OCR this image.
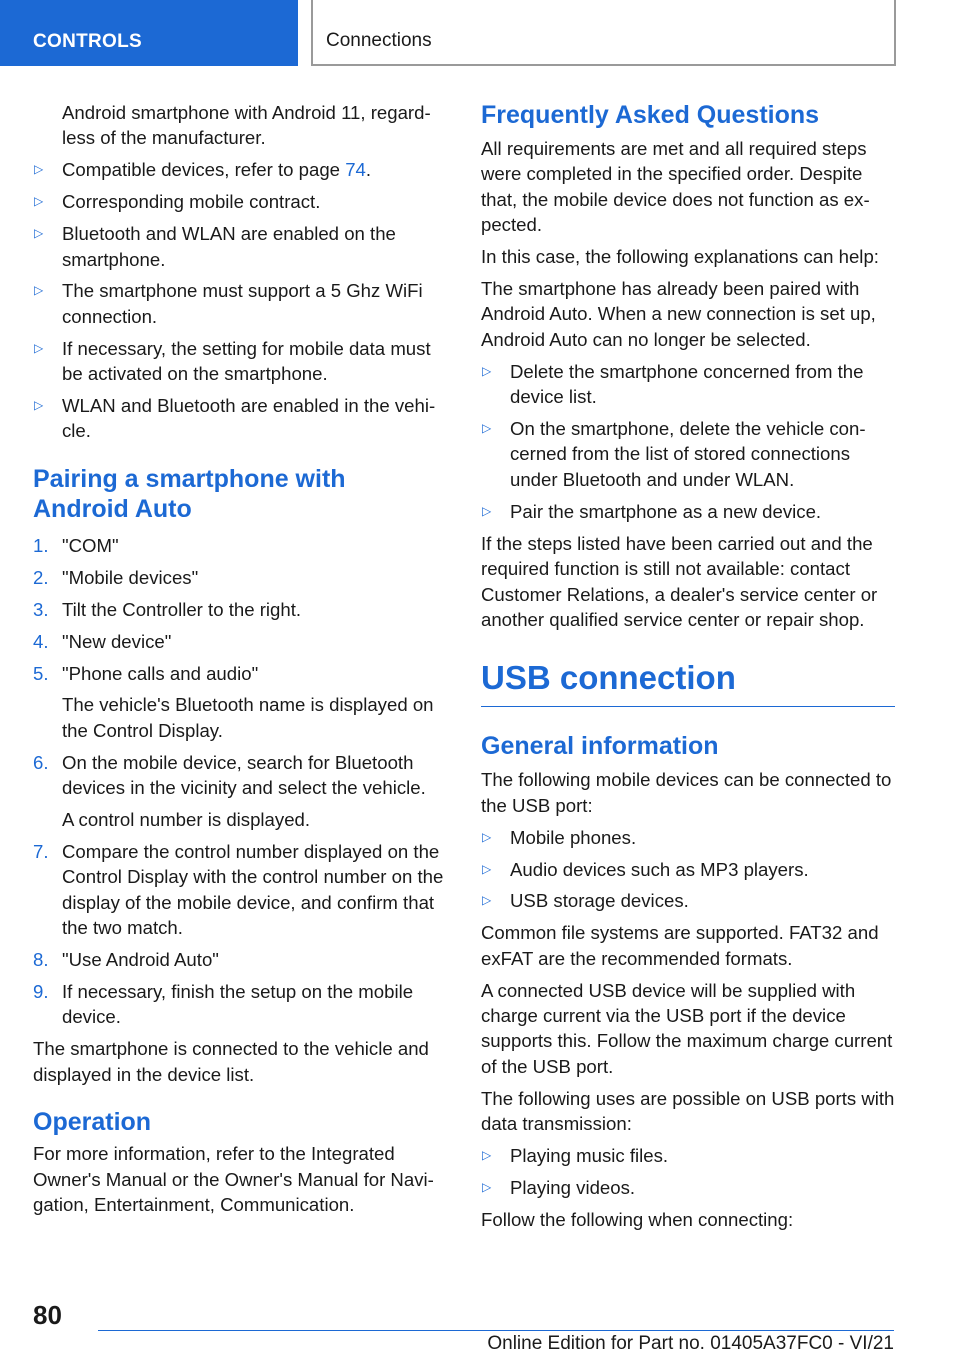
CONTROLS	Connections

Android smartphone with Android 11, regardless of the manufacturer.

▷ Compatible devices, refer to page 74.
▷ Corresponding mobile contract.
▷ Bluetooth and WLAN are enabled on the smartphone.
▷ The smartphone must support a 5 Ghz WiFi connection.
▷ If necessary, the setting for mobile data must be activated on the smartphone.
▷ WLAN and Bluetooth are enabled in the vehicle.
Pairing a smartphone with Android Auto
1. "COM"
2. "Mobile devices"
3. Tilt the Controller to the right.
4. "New device"
5. "Phone calls and audio"
The vehicle's Bluetooth name is displayed on the Control Display.
6. On the mobile device, search for Bluetooth devices in the vicinity and select the vehicle.
A control number is displayed.
7. Compare the control number displayed on the Control Display with the control number on the display of the mobile device, and confirm that the two match.
8. "Use Android Auto"
9. If necessary, finish the setup on the mobile device.

The smartphone is connected to the vehicle and displayed in the device list.

Operation

For more information, refer to the Integrated Owner's Manual or the Owner's Manual for Navigation, Entertainment, Communication.

Frequently Asked Questions

All requirements are met and all required steps were completed in the specified order. Despite that, the mobile device does not function as expected.

In this case, the following explanations can help:

The smartphone has already been paired with Android Auto. When a new connection is set up, Android Auto can no longer be selected.

▷ Delete the smartphone concerned from the device list.
▷ On the smartphone, delete the vehicle concerned from the list of stored connections under Bluetooth and under WLAN.
▷ Pair the smartphone as a new device.

If the steps listed have been carried out and the required function is still not available: contact Customer Relations, a dealer's service center or another qualified service center or repair shop.

USB connection
General information

The following mobile devices can be connected to the USB port:

▷ Mobile phones.
▷ Audio devices such as MP3 players.
▷ USB storage devices.

Common file systems are supported. FAT32 and exFAT are the recommended formats.

A connected USB device will be supplied with charge current via the USB port if the device supports this. Follow the maximum charge current of the USB port.

The following uses are possible on USB ports with data transmission:

▷ Playing music files.
▷ Playing videos.

Follow the following when connecting:

80
Online Edition for Part no. 01405A37FC0 - VI/21
